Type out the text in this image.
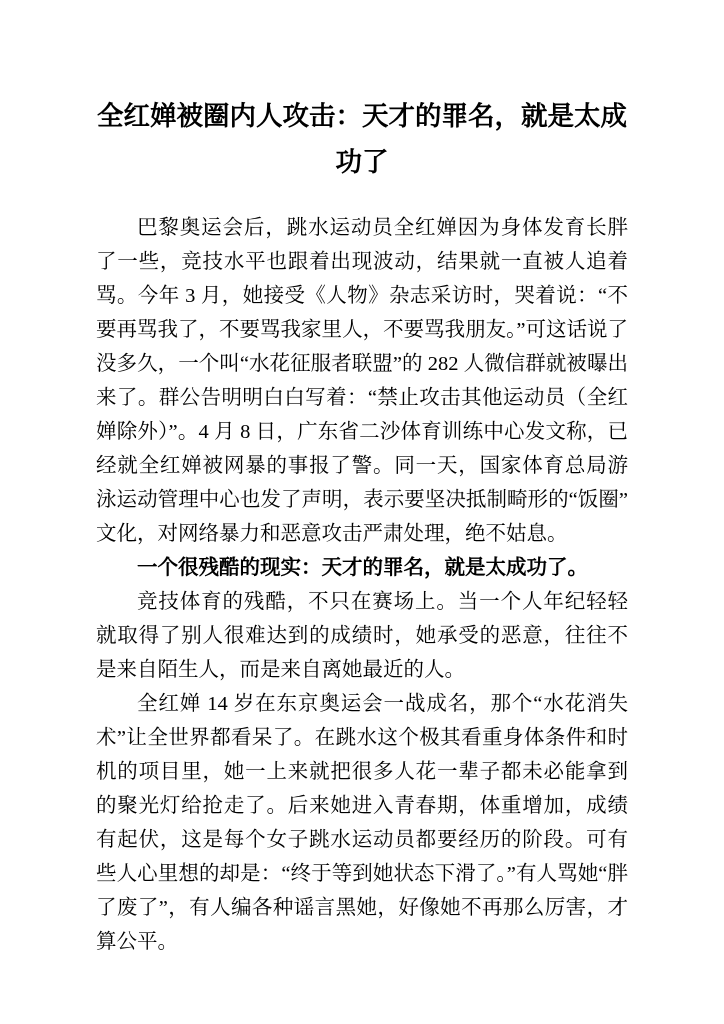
全红婵被圈内人攻击：天才的罪名，就是太成功了

巴黎奥运会后，跳水运动员全红婵因为身体发育长胖了一些，竞技水平也跟着出现波动，结果就一直被人追着骂。今年 3 月，她接受《人物》杂志采访时，哭着说：“不要再骂我了，不要骂我家里人，不要骂我朋友。”可这话说了没多久，一个叫“水花征服者联盟”的 282 人微信群就被曝出来了。群公告明明白白写着：“禁止攻击其他运动员（全红婵除外）”。4 月 8 日，广东省二沙体育训练中心发文称，已经就全红婵被网暴的事报了警。同一天，国家体育总局游泳运动管理中心也发了声明，表示要坚决抵制畸形的“饭圈”文化，对网络暴力和恶意攻击严肃处理，绝不姑息。

一个很残酷的现实：天才的罪名，就是太成功了。

竞技体育的残酷，不只在赛场上。当一个人年纪轻轻就取得了别人很难达到的成绩时，她承受的恶意，往往不是来自陌生人，而是来自离她最近的人。

全红婵 14 岁在东京奥运会一战成名，那个“水花消失术”让全世界都看呆了。在跳水这个极其看重身体条件和时机的项目里，她一上来就把很多人花一辈子都未必能拿到的聚光灯给抢走了。后来她进入青春期，体重增加，成绩有起伏，这是每个女子跳水运动员都要经历的阶段。可有些人心里想的却是：“终于等到她状态下滑了。”有人骂她“胖了废了”，有人编各种谣言黑她，好像她不再那么厉害，才算公平。
